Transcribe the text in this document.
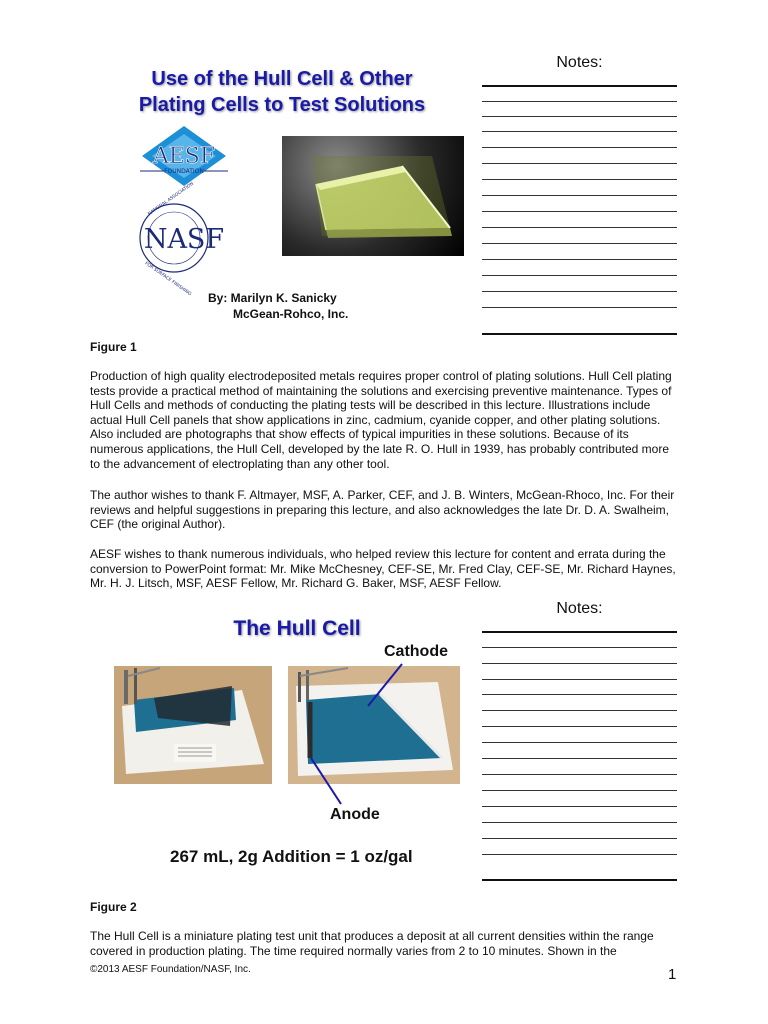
Use of the Hull Cell & Other
Plating Cells to Test Solutions
AESF
FOUNDATION
NASF
NATIONAL ASSOCIATION
FOR SURFACE FINISHING
By: Marilyn K. Sanicky
McGean-Rohco, Inc.
Notes:
Figure 1

Production of high quality electrodeposited metals requires proper control of plating solutions. Hull Cell plating tests provide a practical method of maintaining the solutions and exercising preventive maintenance. Types of Hull Cells and methods of conducting the plating tests will be described in this lecture. Illustrations include actual Hull Cell panels that show applications in zinc, cadmium, cyanide copper, and other plating solutions. Also included are photographs that show effects of typical impurities in these solutions. Because of its numerous applications, the Hull Cell, developed by the late R. O. Hull in 1939, has probably contributed more to the advancement of electroplating than any other tool.

The author wishes to thank F. Altmayer, MSF, A. Parker, CEF, and J. B. Winters, McGean-Rhoco, Inc. For their reviews and helpful suggestions in preparing this lecture, and also acknowledges the late Dr. D. A. Swalheim, CEF (the original Author).

AESF wishes to thank numerous individuals, who helped review this lecture for content and errata during the conversion to PowerPoint format: Mr. Mike McChesney, CEF-SE, Mr. Fred Clay, CEF-SE, Mr. Richard Haynes, Mr. H. J. Litsch, MSF, AESF Fellow, Mr. Richard G. Baker, MSF, AESF Fellow.

The Hull Cell
Cathode
Anode
267 mL, 2g Addition = 1 oz/gal
Notes:
Figure 2

The Hull Cell is a miniature plating test unit that produces a deposit at all current densities within the range covered in production plating. The time required normally varies from 2 to 10 minutes. Shown in the

©2013 AESF Foundation/NASF, Inc.	1
